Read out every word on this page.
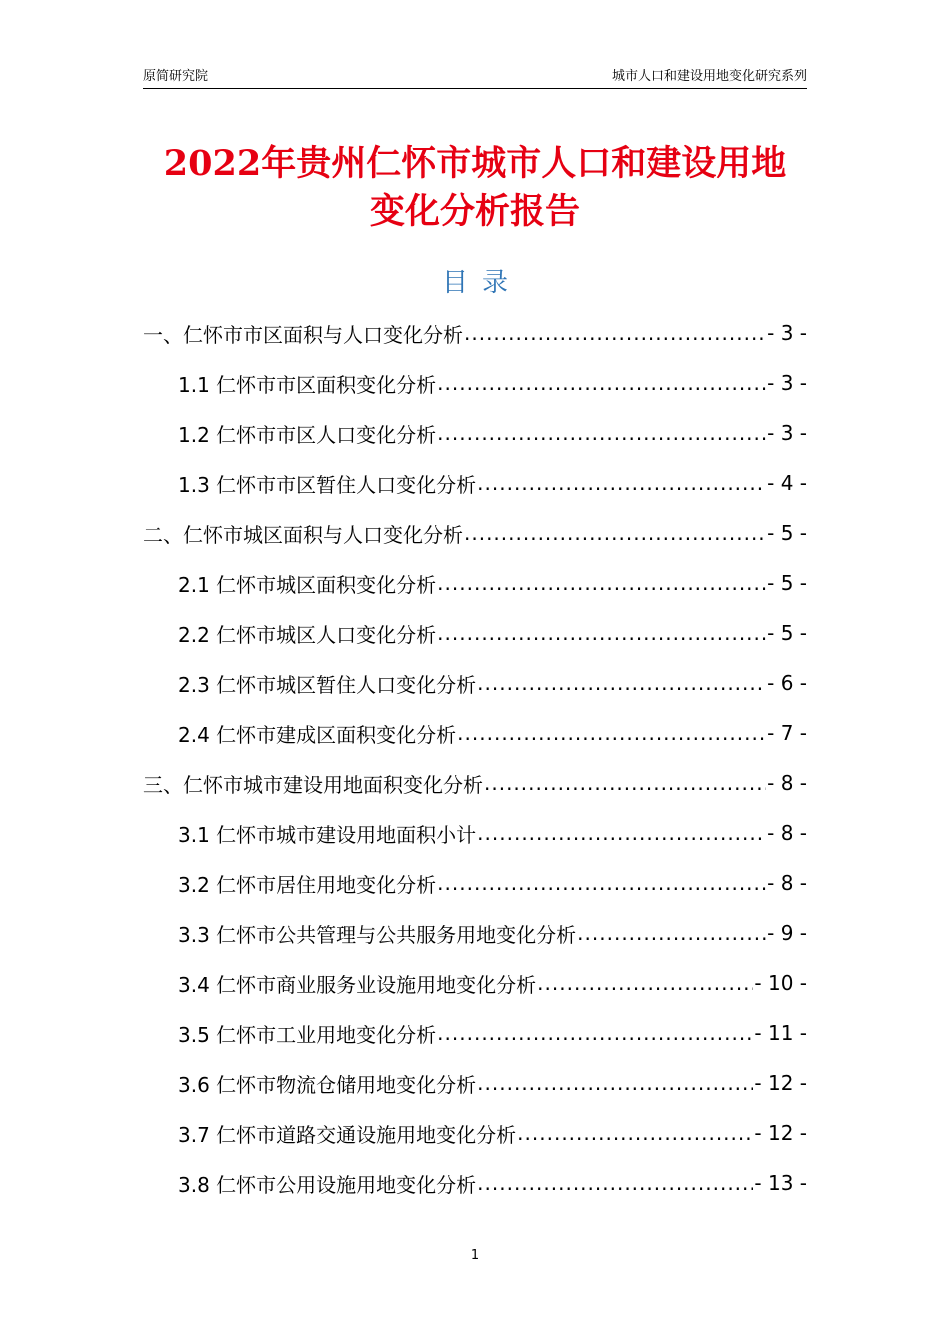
原简研究院	城市人口和建设用地变化研究系列
2022年贵州仁怀市城市人口和建设用地
变化分析报告
目录
一、仁怀市市区面积与人口变化分析 .....	- 3 -
1.1 仁怀市市区面积变化分析 .....	- 3 -
1.2 仁怀市市区人口变化分析 .....	- 3 -
1.3 仁怀市市区暂住人口变化分析 .....	- 4 -
二、仁怀市城区面积与人口变化分析 .....	- 5 -
2.1 仁怀市城区面积变化分析 .....	- 5 -
2.2 仁怀市城区人口变化分析 .....	- 5 -
2.3 仁怀市城区暂住人口变化分析 .....	- 6 -
2.4 仁怀市建成区面积变化分析 .....	- 7 -
三、仁怀市城市建设用地面积变化分析 .....	- 8 -
3.1 仁怀市城市建设用地面积小计 .....	- 8 -
3.2 仁怀市居住用地变化分析 .....	- 8 -
3.3 仁怀市公共管理与公共服务用地变化分析 .....	- 9 -
3.4 仁怀市商业服务业设施用地变化分析 .....	- 10 -
3.5 仁怀市工业用地变化分析 .....	- 11 -
3.6 仁怀市物流仓储用地变化分析 .....	- 12 -
3.7 仁怀市道路交通设施用地变化分析 .....	- 12 -
3.8 仁怀市公用设施用地变化分析 .....	- 13 -
1
